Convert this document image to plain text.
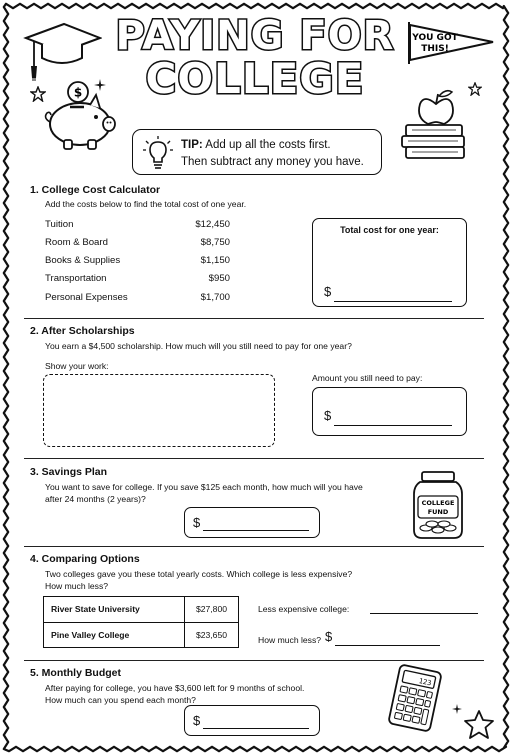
$
PAYING FOR
COLLEGE
YOU GOT
THIS!
TIP: Add up all the costs first.
Then subtract any money you have.
1. College Cost Calculator
Add the costs below to find the total cost of one year.
Tuition	$12,450
Room & Board	$8,750
Books & Supplies	$1,150
Transportation	$950
Personal Expenses	$1,700
Total cost for one year:
$
2. After Scholarships
You earn a $4,500 scholarship. How much will you still need to pay for one year?
Show your work:
Amount you still need to pay:
$
3. Savings Plan
You want to save for college. If you save $125 each month, how much will you have
after 24 months (2 years)?
$
COLLEGE
FUND
4. Comparing Options
Two colleges gave you these total yearly costs. Which college is less expensive?
How much less?
River State University	$27,800
Pine Valley College	$23,650
Less expensive college:
How much less? $
5. Monthly Budget
After paying for college, you have $3,600 left for 9 months of school.
How much can you spend each month?
$
123
